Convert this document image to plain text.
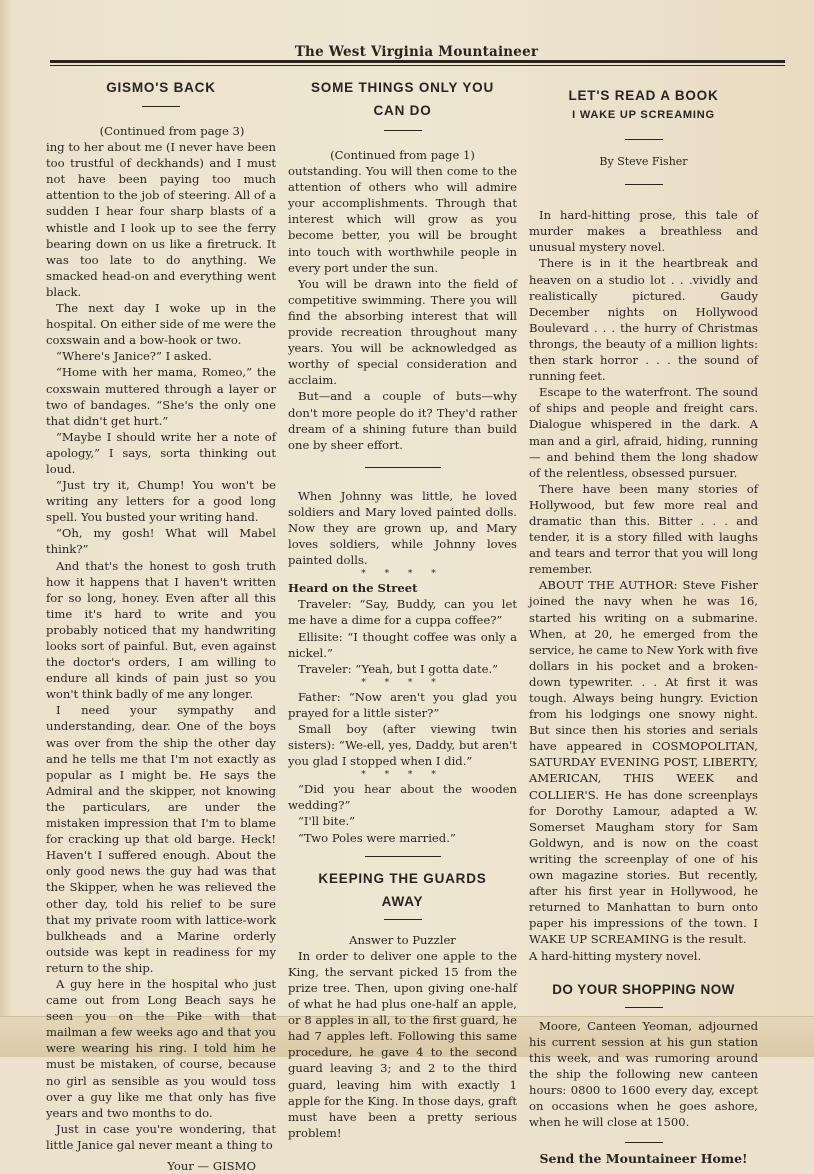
The West Virginia Mountaineer
GISMO'S BACK
(Continued from page 3)

ing to her about me (I never have been too trustful of deckhands) and I must not have been paying too much attention to the job of steering. All of a sudden I hear four sharp blasts of a whistle and I look up to see the ferry bearing down on us like a firetruck. It was too late to do anything. We smacked head-on and everything went black.

The next day I woke up in the hospital. On either side of me were the coxswain and a bow-hook or two.

“Where's Janice?” I asked.

“Home with her mama, Romeo,” the coxswain muttered through a layer or two of bandages. “She's the only one that didn't get hurt.”

“Maybe I should write her a note of apology,” I says, sorta thinking out loud.

“Just try it, Chump! You won't be writing any letters for a good long spell. You busted your writing hand.

“Oh, my gosh! What will Mabel think?”

And that's the honest to gosh truth how it happens that I haven't written for so long, honey. Even after all this time it's hard to write and you probably noticed that my handwriting looks sort of painful. But, even against the doctor's orders, I am willing to endure all kinds of pain just so you won't think badly of me any longer.

I need your sympathy and understanding, dear. One of the boys was over from the ship the other day and he tells me that I'm not exactly as popular as I might be. He says the Admiral and the skipper, not knowing the particulars, are under the mistaken impression that I'm to blame for cracking up that old barge. Heck! Haven't I suffered enough. About the only good news the guy had was that the Skipper, when he was relieved the other day, told his relief to be sure that my private room with lattice-work bulkheads and a Marine orderly outside was kept in readiness for my return to the ship.

A guy here in the hospital who just came out from Long Beach says he seen you on the Pike with that mailman a few weeks ago and that you were wearing his ring. I told him he must be mistaken, of course, because no girl as sensible as you would toss over a guy like me that only has five years and two months to do.

Just in case you're wondering, that little Janice gal never meant a thing to

Your — GISMO
SOME THINGS ONLY YOU
CAN DO
(Continued from page 1)

outstanding. You will then come to the attention of others who will admire your accomplishments. Through that interest which will grow as you become better, you will be brought into touch with worthwhile people in every port under the sun.

You will be drawn into the field of competitive swimming. There you will find the absorbing interest that will provide recreation throughout many years. You will be acknowledged as worthy of special consideration and acclaim.

But—and a couple of buts—why don't more people do it? They'd rather dream of a shining future than build one by sheer effort.

When Johnny was little, he loved soldiers and Mary loved painted dolls. Now they are grown up, and Mary loves soldiers, while Johnny loves painted dolls.

* * * *

Heard on the Street

Traveler: “Say, Buddy, can you let me have a dime for a cuppa coffee?”

Ellisite: “I thought coffee was only a nickel.”

Traveler: “Yeah, but I gotta date.”

* * * *

Father: “Now aren't you glad you prayed for a little sister?”

Small boy (after viewing twin sisters): “We-ell, yes, Daddy, but aren't you glad I stopped when I did.”

* * * *

“Did you hear about the wooden wedding?”

“I'll bite.”

“Two Poles were married.”

KEEPING THE GUARDS
AWAY
Answer to Puzzler

In order to deliver one apple to the King, the servant picked 15 from the prize tree. Then, upon giving one-half of what he had plus one-half an apple, or 8 apples in all, to the first guard, he had 7 apples left. Following this same procedure, he gave 4 to the second guard leaving 3; and 2 to the third guard, leaving him with exactly 1 apple for the King. In those days, graft must have been a pretty serious problem!

LET'S READ A BOOK
I WAKE UP SCREAMING
By Steve Fisher

In hard-hitting prose, this tale of murder makes a breathless and unusual mystery novel.

There is in it the heartbreak and heaven on a studio lot . . .vividly and realistically pictured. Gaudy December nights on Hollywood Boulevard . . . the hurry of Christmas throngs, the beauty of a million lights: then stark horror . . . the sound of running feet.

Escape to the waterfront. The sound of ships and people and freight cars. Dialogue whispered in the dark. A man and a girl, afraid, hiding, running — and behind them the long shadow of the relentless, obsessed pursuer.

There have been many stories of Hollywood, but few more real and dramatic than this. Bitter . . . and tender, it is a story filled with laughs and tears and terror that you will long remember.

ABOUT THE AUTHOR: Steve Fisher joined the navy when he was 16, started his writing on a submarine. When, at 20, he emerged from the service, he came to New York with five dollars in his pocket and a broken-down typewriter. . . At first it was tough. Always being hungry. Eviction from his lodgings one snowy night. But since then his stories and serials have appeared in COSMOPOLITAN, SATURDAY EVENING POST, LIBERTY, AMERICAN, THIS WEEK and COLLIER'S. He has done screenplays for Dorothy Lamour, adapted a W. Somerset Maugham story for Sam Goldwyn, and is now on the coast writing the screenplay of one of his own magazine stories. But recently, after his first year in Hollywood, he returned to Manhattan to burn onto paper his impressions of the town. I WAKE UP SCREAMING is the result.

A hard-hitting mystery novel.

DO YOUR SHOPPING NOW

Moore, Canteen Yeoman, adjourned his current session at his gun station this week, and was rumoring around the ship the following new canteen hours: 0800 to 1600 every day, except on occasions when he goes ashore, when he will close at 1500.

Send the Mountaineer Home!
